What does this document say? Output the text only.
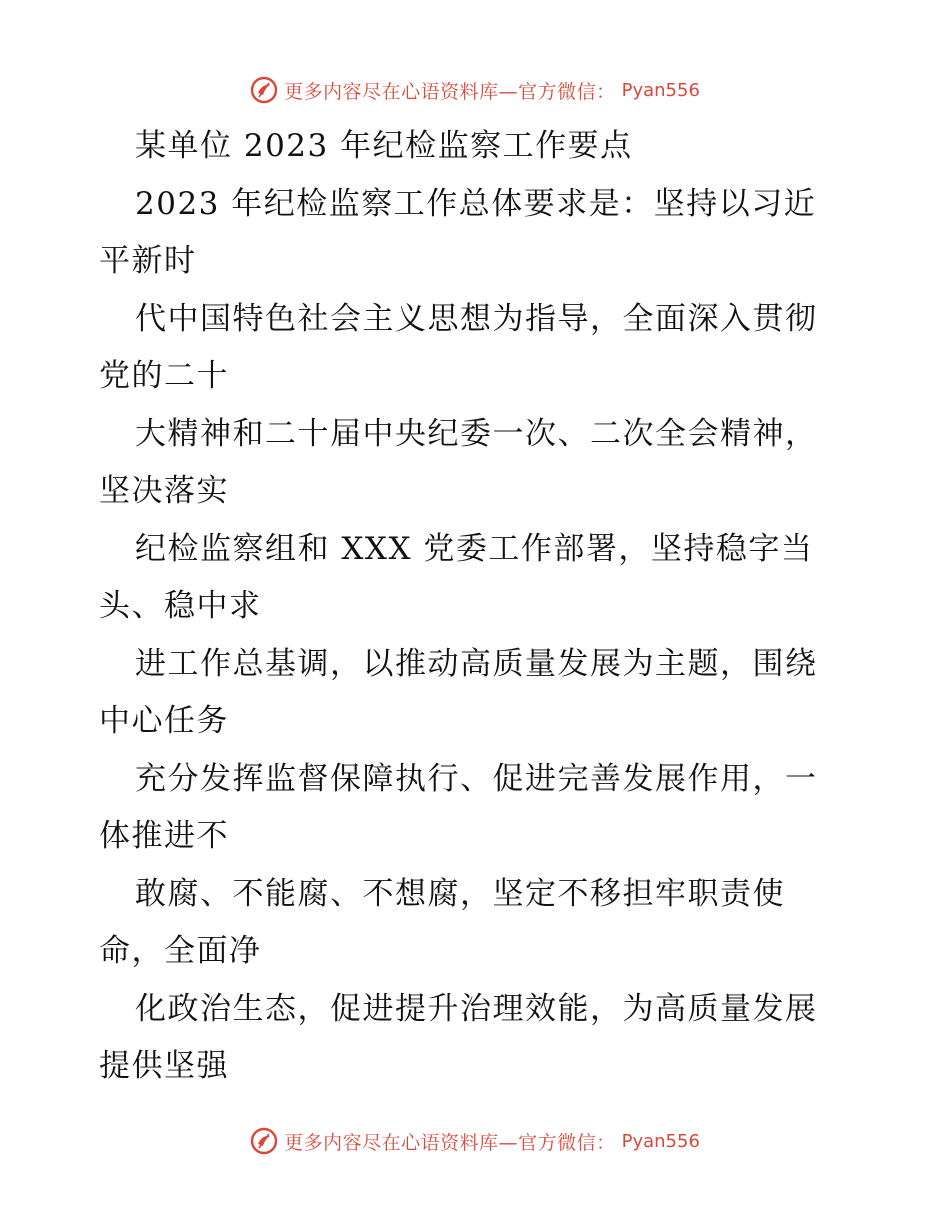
更多内容尽在心语资料库—官方微信： Pyan556
某单位 2023 年纪检监察工作要点
2023 年纪检监察工作总体要求是：坚持以习近
平新时
代中国特色社会主义思想为指导，全面深入贯彻
党的二十
大精神和二十届中央纪委一次、二次全会精神，
坚决落实
纪检监察组和 XXX 党委工作部署，坚持稳字当
头、稳中求
进工作总基调，以推动高质量发展为主题，围绕
中心任务
充分发挥监督保障执行、促进完善发展作用，一
体推进不
敢腐、不能腐、不想腐，坚定不移担牢职责使
命，全面净
化政治生态，促进提升治理效能，为高质量发展
提供坚强
更多内容尽在心语资料库—官方微信： Pyan556
